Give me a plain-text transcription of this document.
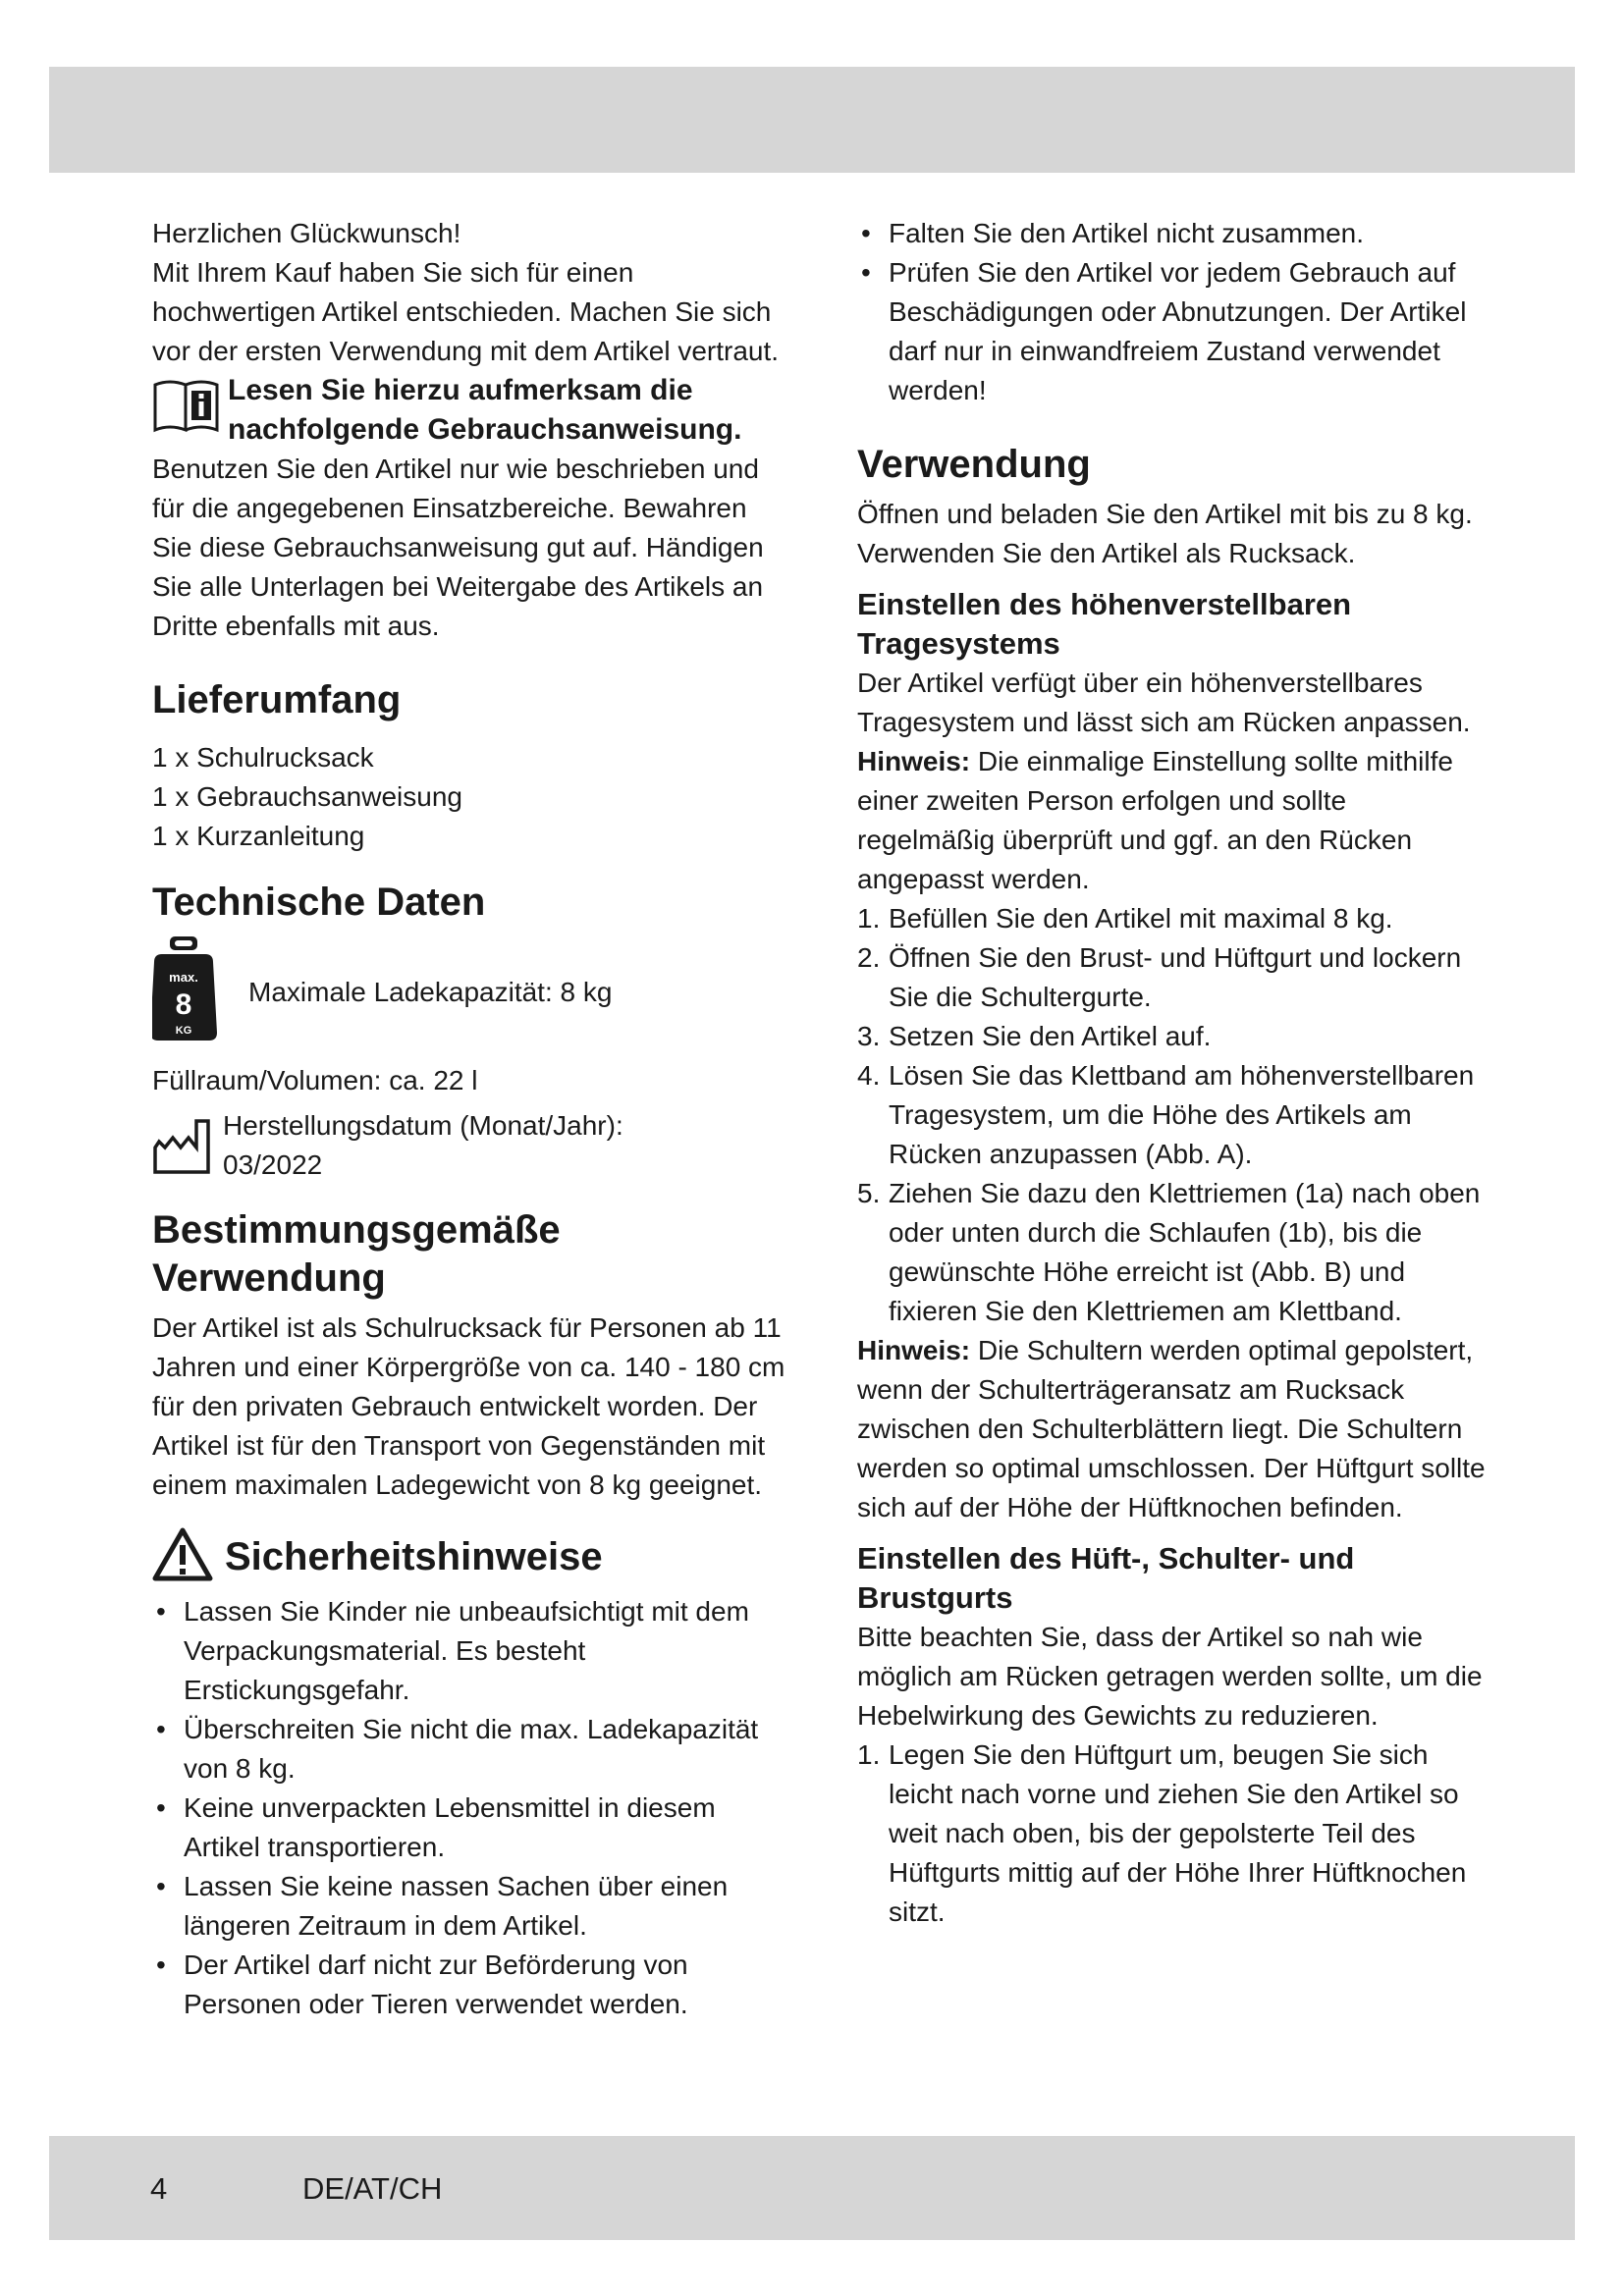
Herzlichen Glückwunsch!

Mit Ihrem Kauf haben Sie sich für einen hochwertigen Artikel entschieden. Machen Sie sich vor der ersten Verwendung mit dem Artikel vertraut.

Lesen Sie hierzu aufmerksam die nachfolgende Gebrauchsanweisung.

Benutzen Sie den Artikel nur wie beschrieben und für die angegebenen Einsatzbereiche. Bewahren Sie diese Gebrauchsanweisung gut auf. Händigen Sie alle Unterlagen bei Weitergabe des Artikels an Dritte ebenfalls mit aus.

Lieferumfang
1 x Schulrucksack
1 x Gebrauchsanweisung
1 x Kurzanleitung
Technische Daten
max.
8
KG

Maximale Ladekapazität: 8 kg

Füllraum/Volumen: ca. 22 l

Herstellungsdatum (Monat/Jahr):

03/2022

Bestimmungsgemäße Verwendung

Der Artikel ist als Schulrucksack für Personen ab 11 Jahren und einer Körpergröße von ca. 140 - 180 cm für den privaten Gebrauch entwickelt worden. Der Artikel ist für den Transport von Gegenständen mit einem maximalen Ladegewicht von 8 kg geeignet.

Sicherheitshinweise
• Lassen Sie Kinder nie unbeaufsichtigt mit dem Verpackungsmaterial. Es besteht Erstickungsgefahr.
• Überschreiten Sie nicht die max. Ladekapazität von 8 kg.
• Keine unverpackten Lebensmittel in diesem Artikel transportieren.
• Lassen Sie keine nassen Sachen über einen längeren Zeitraum in dem Artikel.
• Der Artikel darf nicht zur Beförderung von Personen oder Tieren verwendet werden.
• Falten Sie den Artikel nicht zusammen.
• Prüfen Sie den Artikel vor jedem Gebrauch auf Beschädigungen oder Abnutzungen. Der Artikel darf nur in einwandfreiem Zustand verwendet werden!
Verwendung

Öffnen und beladen Sie den Artikel mit bis zu 8 kg. Verwenden Sie den Artikel als Rucksack.

Einstellen des höhenverstellbaren Tragesystems

Der Artikel verfügt über ein höhenverstellbares Tragesystem und lässt sich am Rücken anpassen.

Hinweis: Die einmalige Einstellung sollte mithilfe einer zweiten Person erfolgen und sollte regelmäßig überprüft und ggf. an den Rücken angepasst werden.

1. Befüllen Sie den Artikel mit maximal 8 kg.
2. Öffnen Sie den Brust- und Hüftgurt und lockern Sie die Schultergurte.
3. Setzen Sie den Artikel auf.
4. Lösen Sie das Klettband am höhenverstellbaren Tragesystem, um die Höhe des Artikels am Rücken anzupassen (Abb. A).
5. Ziehen Sie dazu den Klettriemen (1a) nach oben oder unten durch die Schlaufen (1b), bis die gewünschte Höhe erreicht ist (Abb. B) und fixieren Sie den Klettriemen am Klettband.

Hinweis: Die Schultern werden optimal gepolstert, wenn der Schulterträgeransatz am Rucksack zwischen den Schulterblättern liegt. Die Schultern werden so optimal umschlossen. Der Hüftgurt sollte sich auf der Höhe der Hüftknochen befinden.

Einstellen des Hüft-, Schulter- und Brustgurts

Bitte beachten Sie, dass der Artikel so nah wie möglich am Rücken getragen werden sollte, um die Hebelwirkung des Gewichts zu reduzieren.

1. Legen Sie den Hüftgurt um, beugen Sie sich leicht nach vorne und ziehen Sie den Artikel so weit nach oben, bis der gepolsterte Teil des Hüftgurts mittig auf der Höhe Ihrer Hüftknochen sitzt.
4	DE/AT/CH
